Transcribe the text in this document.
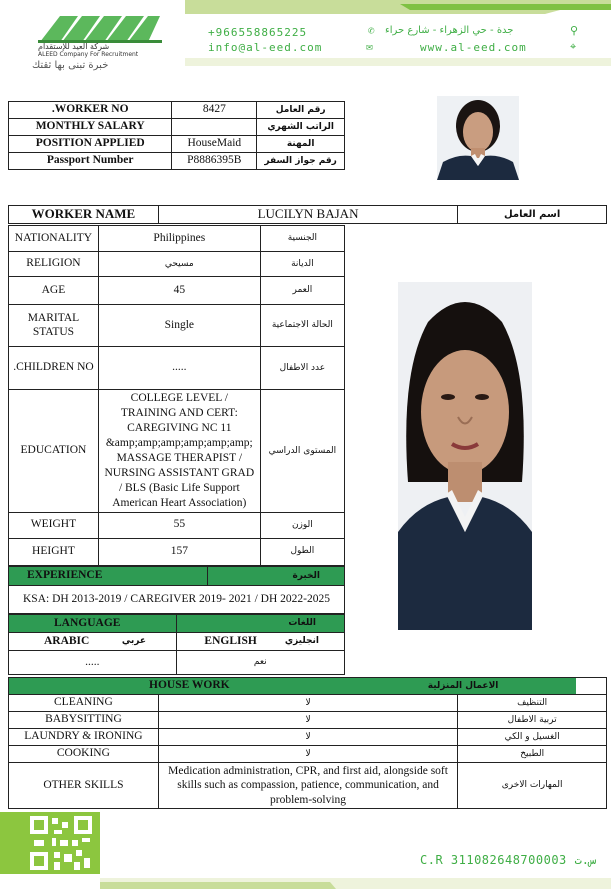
شركة العيد للإستقدام
ALEED Company For Recruitment
خبرة تبنى بها ثقتك
+966558865225	✆ جدة - حي الزهراء - شارع حراء	⚲
info@al-eed.com	✉	www.al-eed.com	⌖
.WORKER NO	8427	رقم العامل
MONTHLY SALARY		الراتب الشهري
POSITION APPLIED	HouseMaid	المهنة
Passport Number	P8886395B	رقم جواز السفر
WORKER NAME	LUCILYN BAJAN	اسم العامل
NATIONALITY	Philippines	الجنسية
RELIGION	مسيحي	الديانة
AGE	45	العمر
MARITAL STATUS	Single	الحالة الاجتماعية
.CHILDREN NO	.....	عدد الاطفال
EDUCATION	COLLEGE LEVEL / TRAINING AND CERT: CAREGIVING NC 11 &amp;amp;amp;amp;amp;amp; MASSAGE THERAPIST / NURSING ASSISTANT GRAD / BLS (Basic Life Support American Heart Association)	المستوى الدراسي
WEIGHT	55	الوزن
HEIGHT	157	الطول
EXPERIENCE	الخبرة
KSA: DH 2013-2019 / CAREGIVER 2019- 2021 / DH 2022-2025
LANGUAGE		اللغات	
ARABIC	عربي	ENGLISH	انجليزي
.....		نعم	
HOUSE WORK	الاعمال المنزلية
CLEANING	لا	التنظيف
BABYSITTING	لا	تربية الاطفال
LAUNDRY & IRONING	لا	الغسيل و الكي
COOKING	لا	الطبيخ
OTHER SKILLS	Medication administration, CPR, and first aid, alongside soft skills such as compassion, patience, communication, and problem-solving	المهارات الاخرى
C.R 311082648700003 س.ت
